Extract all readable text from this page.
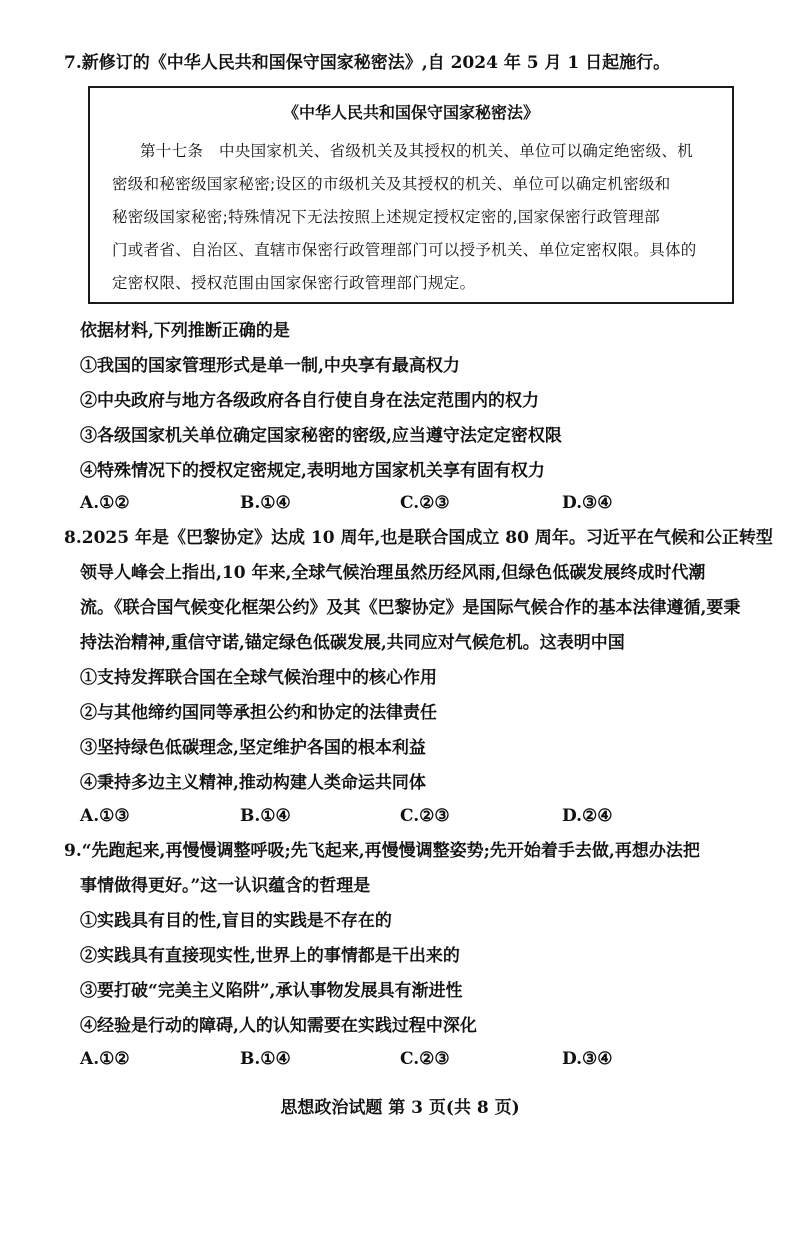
7.新修订的《中华人民共和国保守国家秘密法》,自 2024 年 5 月 1 日起施行。
《中华人民共和国保守国家秘密法》
第十七条　中央国家机关、省级机关及其授权的机关、单位可以确定绝密级、机
密级和秘密级国家秘密;设区的市级机关及其授权的机关、单位可以确定机密级和
秘密级国家秘密;特殊情况下无法按照上述规定授权定密的,国家保密行政管理部
门或者省、自治区、直辖市保密行政管理部门可以授予机关、单位定密权限。具体的
定密权限、授权范围由国家保密行政管理部门规定。
依据材料,下列推断正确的是
①我国的国家管理形式是单一制,中央享有最高权力
②中央政府与地方各级政府各自行使自身在法定范围内的权力
③各级国家机关单位确定国家秘密的密级,应当遵守法定定密权限
④特殊情况下的授权定密规定,表明地方国家机关享有固有权力
A.①②	B.①④	C.②③	D.③④
8.2025 年是《巴黎协定》达成 10 周年,也是联合国成立 80 周年。习近平在气候和公正转型
领导人峰会上指出,10 年来,全球气候治理虽然历经风雨,但绿色低碳发展终成时代潮
流。《联合国气候变化框架公约》及其《巴黎协定》是国际气候合作的基本法律遵循,要秉
持法治精神,重信守诺,锚定绿色低碳发展,共同应对气候危机。这表明中国
①支持发挥联合国在全球气候治理中的核心作用
②与其他缔约国同等承担公约和协定的法律责任
③坚持绿色低碳理念,坚定维护各国的根本利益
④秉持多边主义精神,推动构建人类命运共同体
A.①③	B.①④	C.②③	D.②④
9.“先跑起来,再慢慢调整呼吸;先飞起来,再慢慢调整姿势;先开始着手去做,再想办法把
事情做得更好。”这一认识蕴含的哲理是
①实践具有目的性,盲目的实践是不存在的
②实践具有直接现实性,世界上的事情都是干出来的
③要打破“完美主义陷阱”,承认事物发展具有渐进性
④经验是行动的障碍,人的认知需要在实践过程中深化
A.①②	B.①④	C.②③	D.③④
思想政治试题 第 3 页(共 8 页)
